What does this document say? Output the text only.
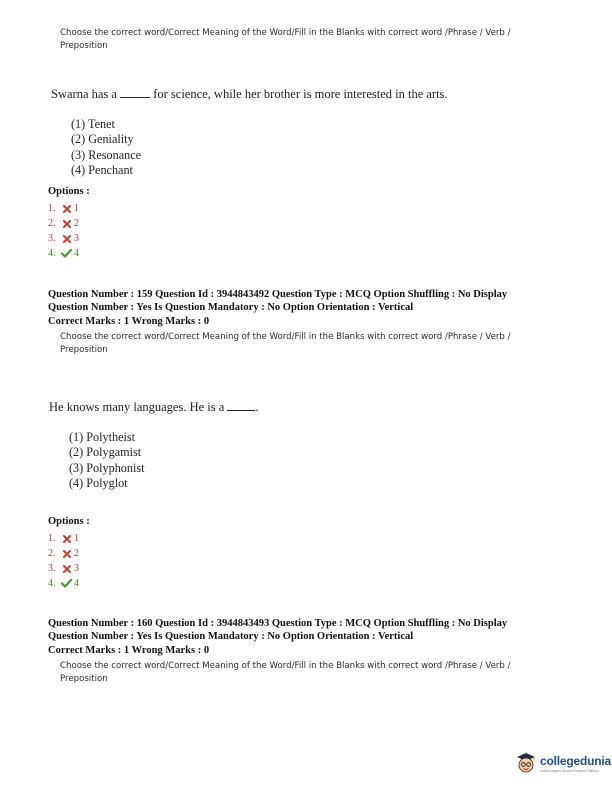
Choose the correct word/Correct Meaning of the Word/Fill in the Blanks with correct word /Phrase / Verb / Preposition
Swarna has a  for science, while her brother is more interested in the arts.
(1) Tenet
(2) Geniality
(3) Resonance
(4) Penchant
Options :
1.	1
2.	2
3.	3
4.	4
Question Number : 159 Question Id : 3944843492 Question Type : MCQ Option Shuffling : No Display
Question Number : Yes Is Question Mandatory : No Option Orientation : Vertical
Correct Marks : 1 Wrong Marks : 0
Choose the correct word/Correct Meaning of the Word/Fill in the Blanks with correct word /Phrase / Verb / Preposition
He knows many languages. He is a .
(1) Polytheist
(2) Polygamist
(3) Polyphonist
(4) Polyglot
Options :
1.	1
2.	2
3.	3
4.	4
Question Number : 160 Question Id : 3944843493 Question Type : MCQ Option Shuffling : No Display
Question Number : Yes Is Question Mandatory : No Option Orientation : Vertical
Correct Marks : 1 Wrong Marks : 0
Choose the correct word/Correct Meaning of the Word/Fill in the Blanks with correct word /Phrase / Verb / Preposition
collegedunia
India's largest Student Review Platform
